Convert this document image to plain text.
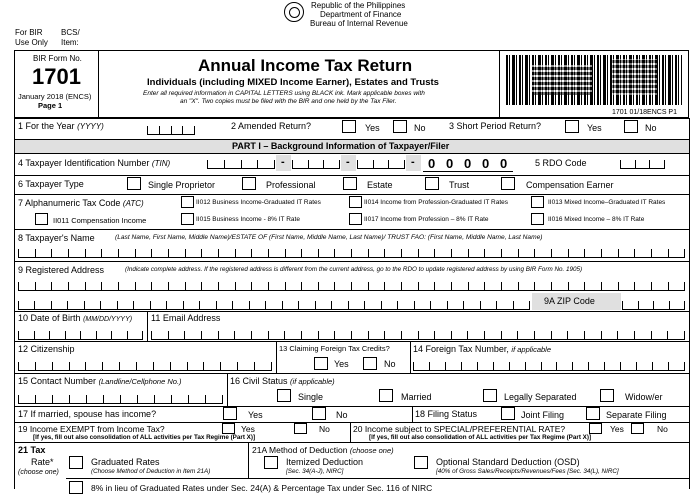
For BIR
Use Only
BCS/
Item:
Republic of the Philippines
Department of Finance
Bureau of Internal Revenue
BIR Form No.
1701
January 2018 (ENCS)
Page 1
Annual Income Tax Return
Individuals (including MIXED Income Earner), Estates and Trusts
Enter all required information in CAPITAL LETTERS using BLACK ink. Mark applicable boxes with
an "X". Two copies must be filed with the BIR and one held by the Tax Filer.
1701 01/18ENCS P1
1 For the Year (YYYY)	2 Amended Return?	Yes	No	3 Short Period Return?	Yes	No
PART I – Background Information of Taxpayer/Filer
4 Taxpayer Identification Number (TIN)	-	-	- 0 0 0 0 0	5 RDO Code
6 Taxpayer Type	Single Proprietor	Professional	Estate	Trust	Compensation Earner
7 Alphanumeric Tax Code (ATC)	II012 Business Income-Graduated IT Rates	II014 Income from Profession-Graduated IT Rates	II013 Mixed Income–Graduated IT Rates
II011 Compensation Income	II015 Business Income - 8% IT Rate	II017 Income from Profession – 8% IT Rate	II016 Mixed Income – 8% IT Rate
8 Taxpayer's Name	(Last Name, First Name, Middle Name)/ESTATE OF (First Name, Middle Name, Last Name)/ TRUST FAO: (First Name, Middle Name, Last Name)
9 Registered Address	(Indicate complete address. If the registered address is different from the current address, go to the RDO to update registered address by using BIR Form No. 1905)
9A ZIP Code
10 Date of Birth (MM/DD/YYYY) 11 Email Address
12 Citizenship	13 Claiming Foreign Tax Credits?	14 Foreign Tax Number, if applicable
Yes	No
15 Contact Number (Landline/Cellphone No.)	16 Civil Status (if applicable)
Single	Married	Legally Separated	Widow/er
17 If married, spouse has income?	Yes	No	18 Filing Status	Joint Filing	Separate Filing
19 Income EXEMPT from Income Tax?	Yes	No
[If yes, fill out also consolidation of ALL activities per Tax Regime (Part X)]
20 Income subject to SPECIAL/PREFERENTIAL RATE?	Yes	No
[If yes, fill out also consolidation of ALL activities per Tax Regime (Part X)]
21 Tax
Rate*
(choose one)
Graduated Rates
(Choose Method of Deduction in Item 21A)
21A Method of Deduction (choose one)
Itemized Deduction
[Sec. 34(A-J), NIRC]
Optional Standard Deduction (OSD)
[40% of Gross Sales/Receipts/Revenues/Fees [Sec. 34(L), NIRC]
8% in lieu of Graduated Rates under Sec. 24(A) & Percentage Tax under Sec. 116 of NIRC
